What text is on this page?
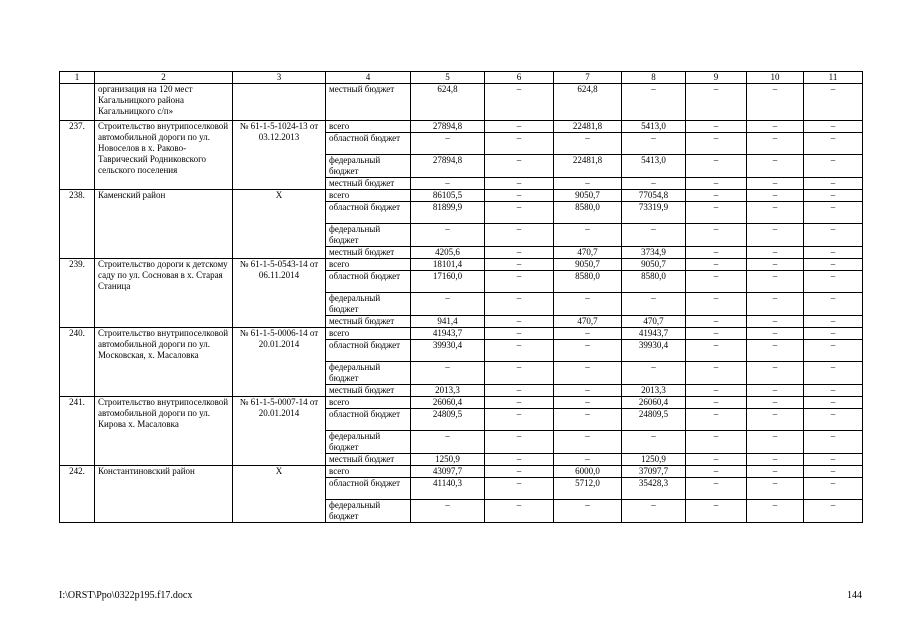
1	2	3	4	5	6	7	8	9	10	11
	организация на 120 мест Кагальницкого района Кагальницкого с/п»		местный бюджет	624,8	–	624,8	–	–	–	–
237.	Строительство внутрипоселковой автомобильной дороги по ул. Новоселов в х. Раково-Таврический Родниковского сельского поселения	№ 61-1-5-1024-13 от 03.12.2013	всего	27894,8	–	22481,8	5413,0	–	–	–
			областной бюджет	–	–	–	–	–	–	–
			федеральный бюджет	27894,8	–	22481,8	5413,0	–	–	–
			местный бюджет	–	–	–	–	–	–	–
238.	Каменский район	X	всего	86105,5	–	9050,7	77054,8	–	–	–
			областной бюджет	81899,9	–	8580,0	73319,9	–	–	–
			федеральный бюджет	–	–	–	–	–	–	–
			местный бюджет	4205,6	–	470,7	3734,9	–	–	–
239.	Строительство дороги к детскому саду по ул. Сосновая в х. Старая Станица	№ 61-1-5-0543-14 от 06.11.2014	всего	18101,4	–	9050,7	9050,7	–	–	–
			областной бюджет	17160,0	–	8580,0	8580,0	–	–	–
			федеральный бюджет	–	–	–	–	–	–	–
			местный бюджет	941,4	–	470,7	470,7	–	–	–
240.	Строительство внутрипоселковой автомобильной дороги по ул. Московская, х. Масаловка	№ 61-1-5-0006-14 от 20.01.2014	всего	41943,7	–	–	41943,7	–	–	–
			областной бюджет	39930,4	–	–	39930,4	–	–	–
			федеральный бюджет	–	–	–	–	–	–	–
			местный бюджет	2013,3	–	–	2013,3	–	–	–
241.	Строительство внутрипоселковой автомобильной дороги по ул. Кирова х. Масаловка	№ 61-1-5-0007-14 от 20.01.2014	всего	26060,4	–	–	26060,4	–	–	–
			областной бюджет	24809,5	–	–	24809,5	–	–	–
			федеральный бюджет	–	–	–	–	–	–	–
			местный бюджет	1250,9	–	–	1250,9	–	–	–
242.	Константиновский район	X	всего	43097,7	–	6000,0	37097,7	–	–	–
			областной бюджет	41140,3	–	5712,0	35428,3	–	–	–
			федеральный бюджет	–	–	–	–	–	–	–
I:\ORST\Ppo\0322p195.f17.docx	144
